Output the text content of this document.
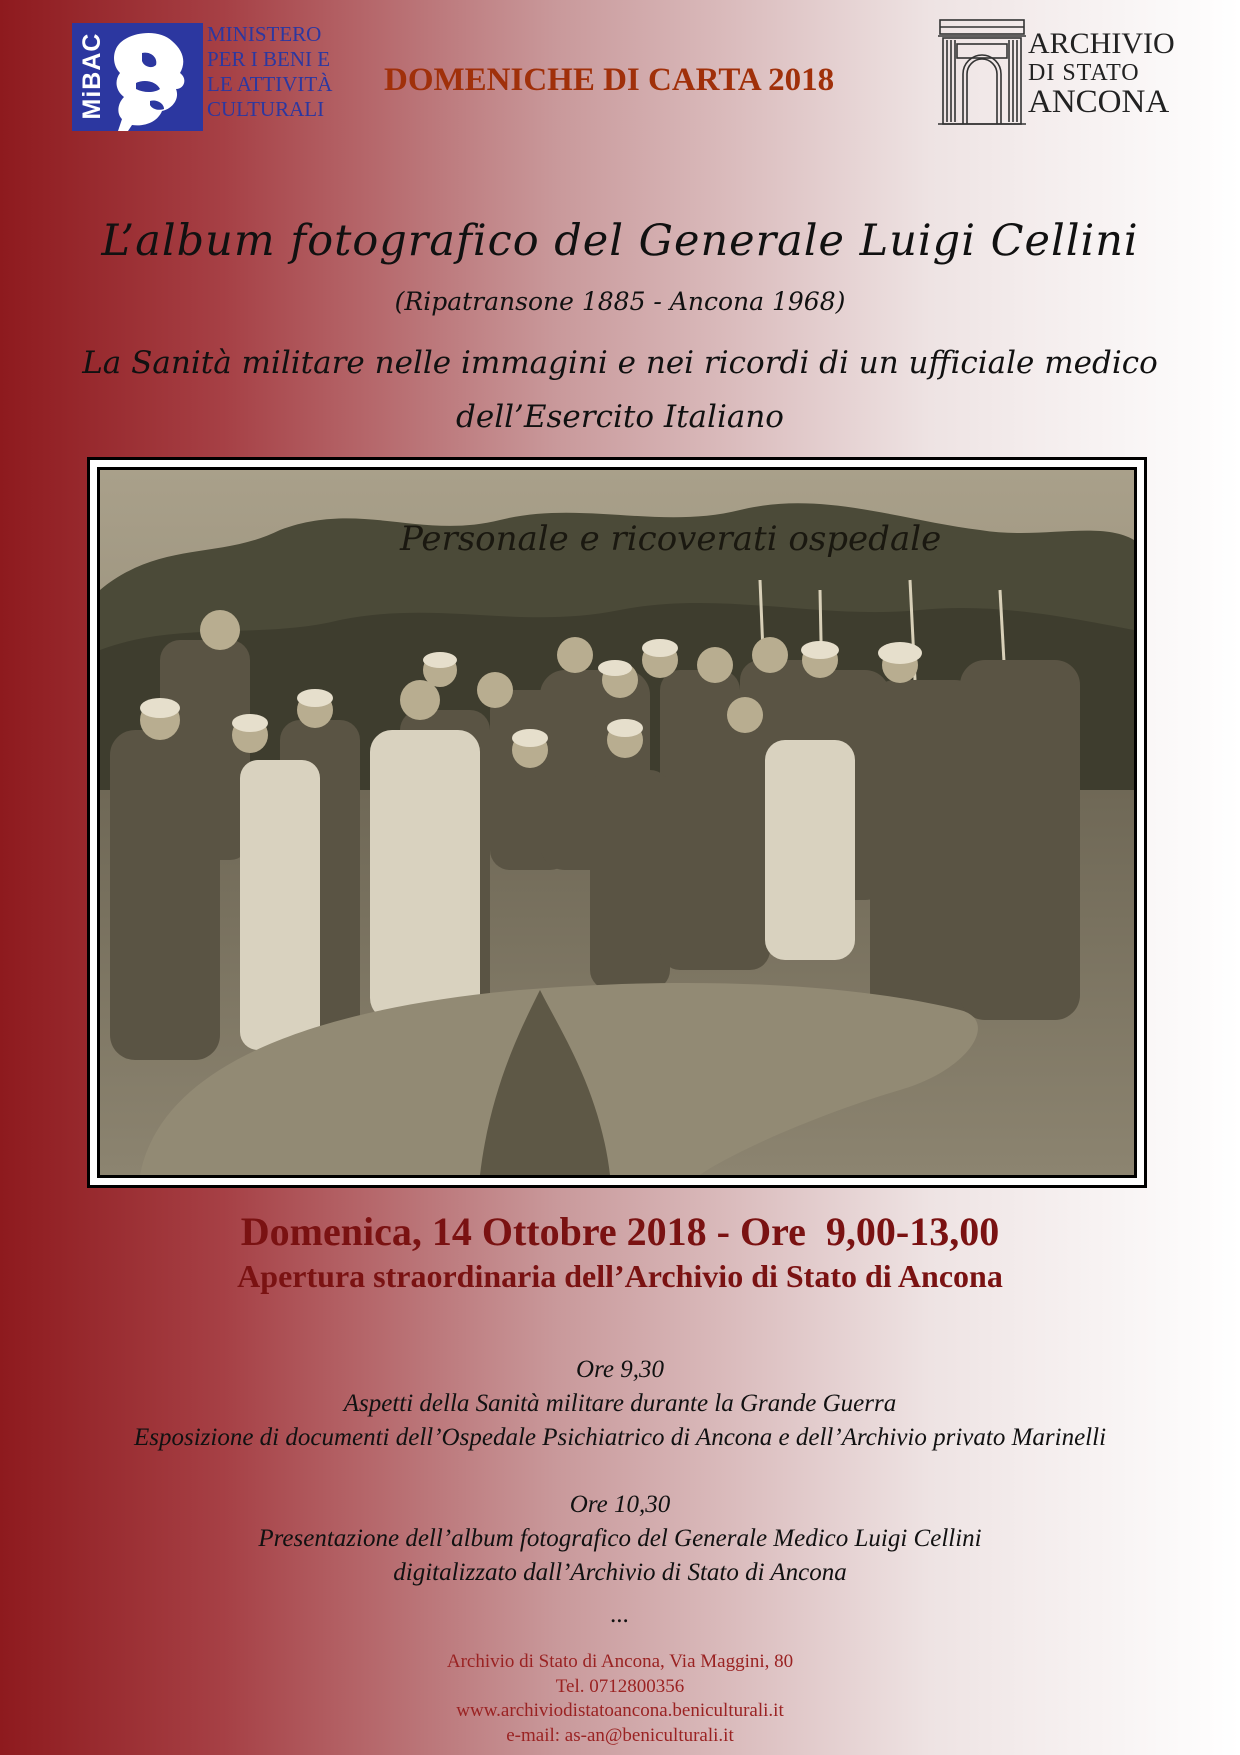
MiBAC	MINISTERO
PER I BENI E
LE ATTIVITÀ
CULTURALI
DOMENICHE DI CARTA 2018
ARCHIVIO
DI STATO
ANCONA
L’album fotografico del Generale Luigi Cellini
(Ripatransone 1885 - Ancona 1968)
La Sanità militare nelle immagini e nei ricordi di un ufficiale medico
dell’Esercito Italiano
Personale e ricoverati ospedale
Domenica, 14 Ottobre 2018 - Ore  9,00-13,00
Apertura straordinaria dell’Archivio di Stato di Ancona
Ore 9,30
Aspetti della Sanità militare durante la Grande Guerra
Esposizione di documenti dell’Ospedale Psichiatrico di Ancona e dell’Archivio privato Marinelli
Ore 10,30
Presentazione dell’album fotografico del Generale Medico Luigi Cellini
digitalizzato dall’Archivio di Stato di Ancona
...
Archivio di Stato di Ancona, Via Maggini, 80
Tel. 0712800356
www.archiviodistatoancona.beniculturali.it
e-mail: as-an@beniculturali.it
